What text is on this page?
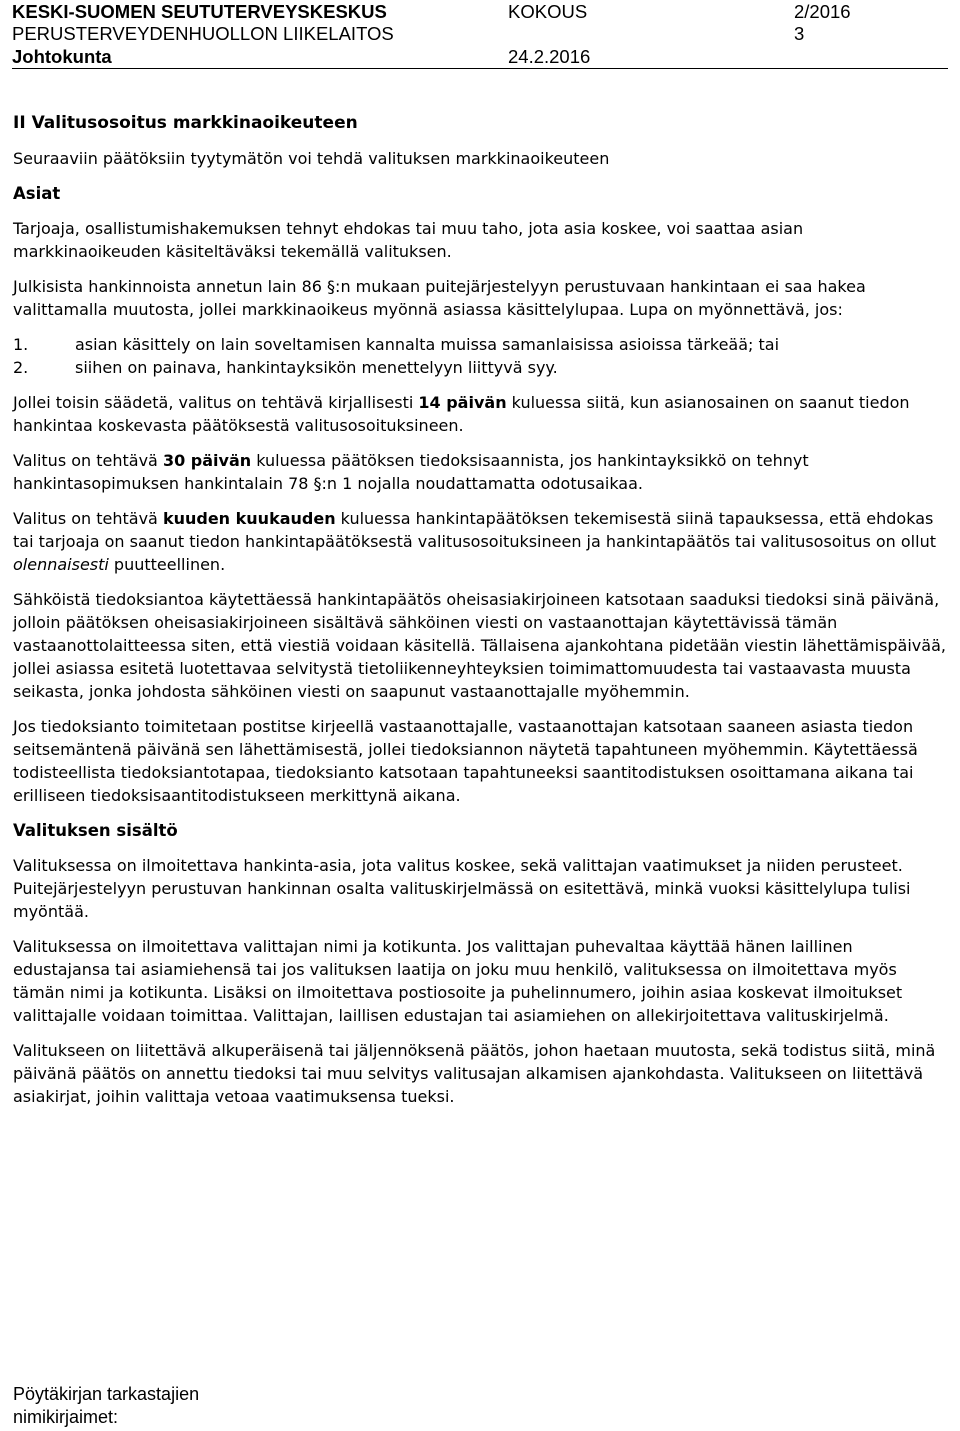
KESKI-SUOMEN SEUTUTERVEYSKESKUS
PERUSTERVEYDENHUOLLON LIIKELAITOS
Johtokunta
KOKOUS
24.2.2016
2/2016
3

II Valitusosoitus markkinaoikeuteen

Seuraaviin päätöksiin tyytymätön voi tehdä valituksen markkinaoikeuteen

Asiat

Tarjoaja, osallistumishakemuksen tehnyt ehdokas tai muu taho, jota asia koskee, voi saattaa asian markkinaoikeuden käsiteltäväksi tekemällä valituksen.

Julkisista hankinnoista annetun lain 86 §:n mukaan puitejärjestelyyn perustuvaan hankintaan ei saa hakea valittamalla muutosta, jollei markkinaoikeus myönnä asiassa käsittelylupaa. Lupa on myönnettävä, jos:

1.	asian käsittely on lain soveltamisen kannalta muissa samanlaisissa asioissa tärkeää; tai
2.	siihen on painava, hankintayksikön menettelyyn liittyvä syy.

Jollei toisin säädetä, valitus on tehtävä kirjallisesti 14 päivän kuluessa siitä, kun asianosainen on saanut tiedon hankintaa koskevasta päätöksestä valitusosoituksineen.

Valitus on tehtävä 30 päivän kuluessa päätöksen tiedoksisaannista, jos hankintayksikkö on tehnyt hankintasopimuksen hankintalain 78 §:n 1 nojalla noudattamatta odotusaikaa.

Valitus on tehtävä kuuden kuukauden kuluessa hankintapäätöksen tekemisestä siinä tapauksessa, että ehdokas tai tarjoaja on saanut tiedon hankintapäätöksestä valitusosoituksineen ja hankintapäätös tai valitusosoitus on ollut olennaisesti puutteellinen.

Sähköistä tiedoksiantoa käytettäessä hankintapäätös oheisasiakirjoineen katsotaan saaduksi tiedoksi sinä päivänä, jolloin päätöksen oheisasiakirjoineen sisältävä sähköinen viesti on vastaanottajan käytettävissä tämän vastaanottolaitteessa siten, että viestiä voidaan käsitellä. Tällaisena ajankohtana pidetään viestin lähettämispäivää, jollei asiassa esitetä luotettavaa selvitystä tietoliikenneyhteyksien toimimattomuudesta tai vastaavasta muusta seikasta, jonka johdosta sähköinen viesti on saapunut vastaanottajalle myöhemmin.

Jos tiedoksianto toimitetaan postitse kirjeellä vastaanottajalle, vastaanottajan katsotaan saaneen asiasta tiedon seitsemäntenä päivänä sen lähettämisestä, jollei tiedoksiannon näytetä tapahtuneen myöhemmin. Käytettäessä todisteellista tiedoksiantotapaa, tiedoksianto katsotaan tapahtuneeksi saantitodistuksen osoittamana aikana tai erilliseen tiedoksisaantitodistukseen merkittynä aikana.

Valituksen sisältö

Valituksessa on ilmoitettava hankinta-asia, jota valitus koskee, sekä valittajan vaatimukset ja niiden perusteet. Puitejärjestelyyn perustuvan hankinnan osalta valituskirjelmässä on esitettävä, minkä vuoksi käsittelylupa tulisi myöntää.

Valituksessa on ilmoitettava valittajan nimi ja kotikunta. Jos valittajan puhevaltaa käyttää hänen laillinen edustajansa tai asiamiehensä tai jos valituksen laatija on joku muu henkilö, valituksessa on ilmoitettava myös tämän nimi ja kotikunta. Lisäksi on ilmoitettava postiosoite ja puhelinnumero, joihin asiaa koskevat ilmoitukset valittajalle voidaan toimittaa. Valittajan, laillisen edustajan tai asiamiehen on allekirjoitettava valituskirjelmä.

Valitukseen on liitettävä alkuperäisenä tai jäljennöksenä päätös, johon haetaan muutosta, sekä todistus siitä, minä päivänä päätös on annettu tiedoksi tai muu selvitys valitusajan alkamisen ajankohdasta. Valitukseen on liitettävä asiakirjat, joihin valittaja vetoaa vaatimuksensa tueksi.

Pöytäkirjan tarkastajien
nimikirjaimet:
